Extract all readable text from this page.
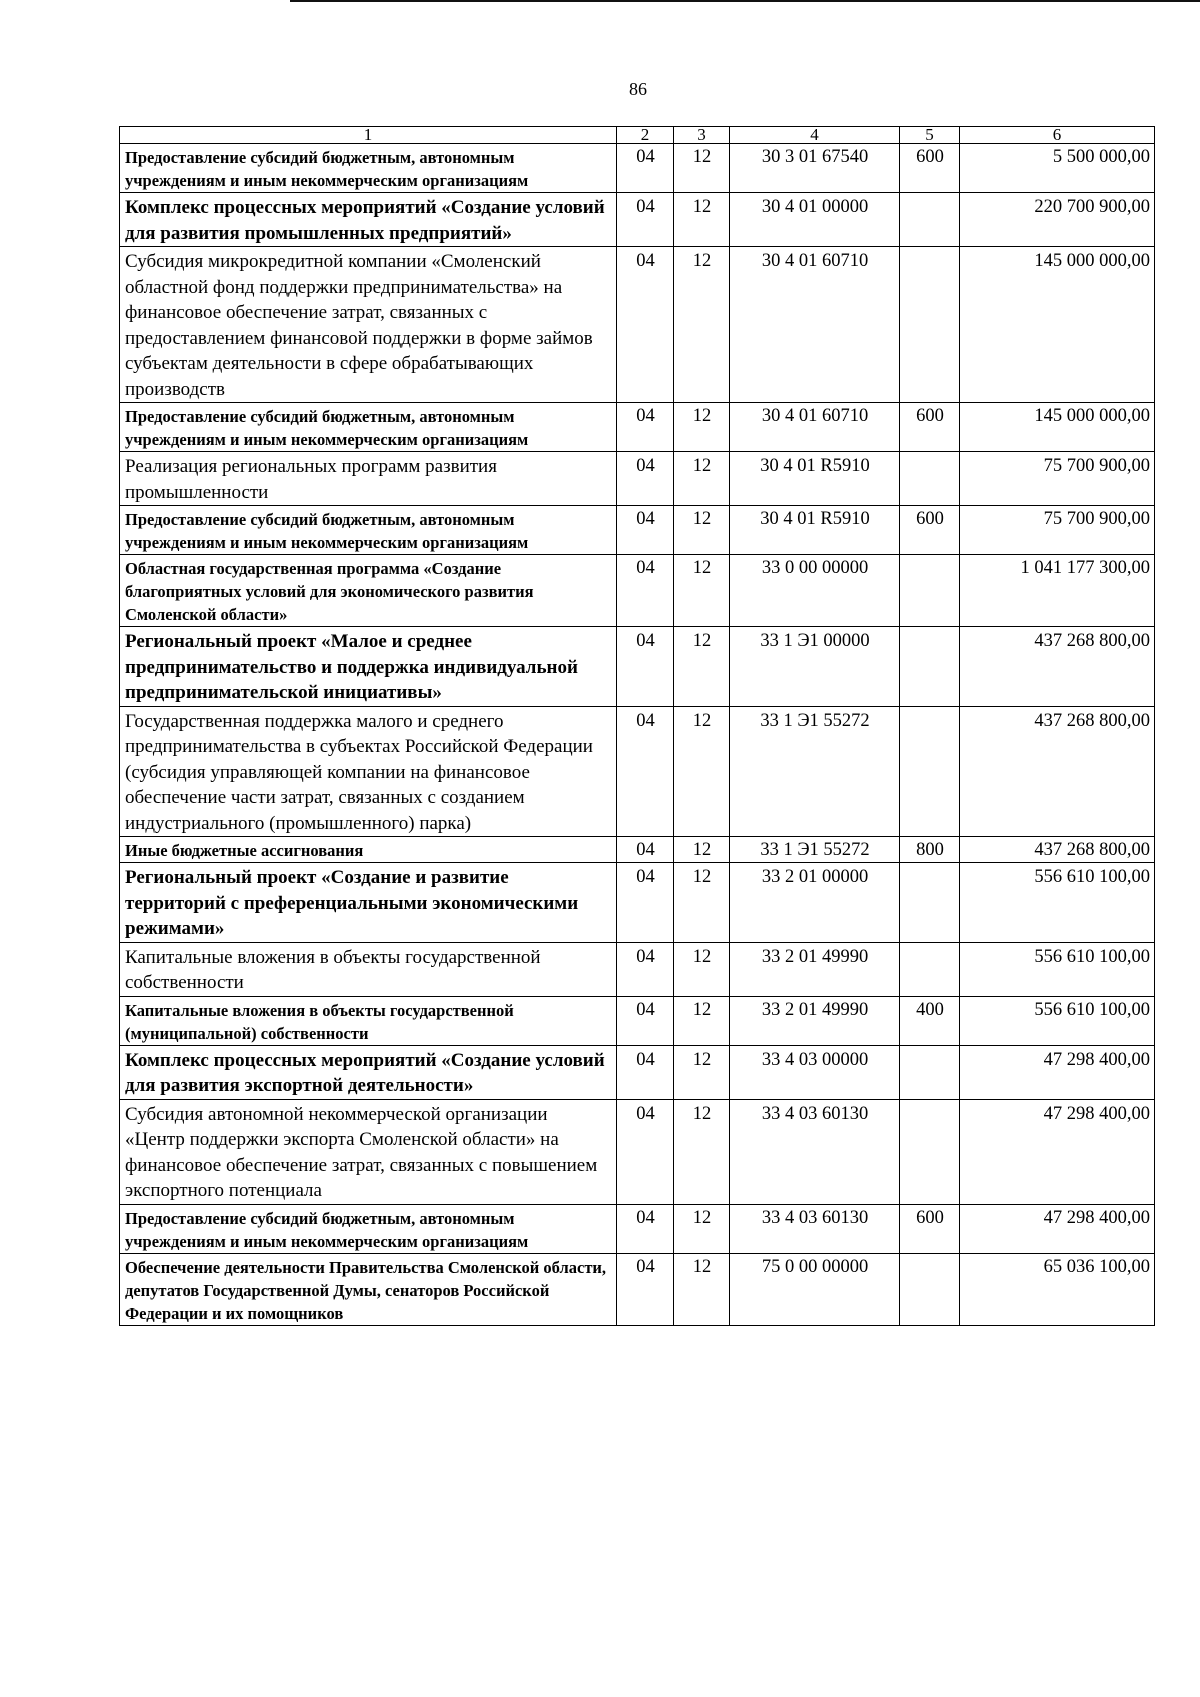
86
1	2	3	4	5	6
Предоставление субсидий бюджетным, автономным учреждениям и иным некоммерческим организациям	04	12	30 3 01 67540	600	5 500 000,00
Комплекс процессных мероприятий «Создание условий для развития промышленных предприятий»	04	12	30 4 01 00000		220 700 900,00
Субсидия микрокредитной компании «Смоленский областной фонд поддержки предпринимательства» на финансовое обеспечение затрат, связанных с предоставлением финансовой поддержки в форме займов субъектам деятельности в сфере обрабатывающих производств	04	12	30 4 01 60710		145 000 000,00
Предоставление субсидий бюджетным, автономным учреждениям и иным некоммерческим организациям	04	12	30 4 01 60710	600	145 000 000,00
Реализация региональных программ развития промышленности	04	12	30 4 01 R5910		75 700 900,00
Предоставление субсидий бюджетным, автономным учреждениям и иным некоммерческим организациям	04	12	30 4 01 R5910	600	75 700 900,00
Областная государственная программа «Создание благоприятных условий для экономического развития Смоленской области»	04	12	33 0 00 00000		1 041 177 300,00
Региональный проект «Малое и среднее предпринимательство и поддержка индивидуальной предпринимательской инициативы»	04	12	33 1 Э1 00000		437 268 800,00
Государственная поддержка малого и среднего предпринимательства в субъектах Российской Федерации (субсидия управляющей компании на финансовое обеспечение части затрат, связанных с созданием индустриального (промышленного) парка)	04	12	33 1 Э1 55272		437 268 800,00
Иные бюджетные ассигнования	04	12	33 1 Э1 55272	800	437 268 800,00
Региональный проект «Создание и развитие территорий с преференциальными экономическими режимами»	04	12	33 2 01 00000		556 610 100,00
Капитальные вложения в объекты государственной собственности	04	12	33 2 01 49990		556 610 100,00
Капитальные вложения в объекты государственной (муниципальной) собственности	04	12	33 2 01 49990	400	556 610 100,00
Комплекс процессных мероприятий «Создание условий для развития экспортной деятельности»	04	12	33 4 03 00000		47 298 400,00
Субсидия автономной некоммерческой организации «Центр поддержки экспорта Смоленской области» на финансовое обеспечение затрат, связанных с повышением экспортного потенциала	04	12	33 4 03 60130		47 298 400,00
Предоставление субсидий бюджетным, автономным учреждениям и иным некоммерческим организациям	04	12	33 4 03 60130	600	47 298 400,00
Обеспечение деятельности Правительства Смоленской области, депутатов Государственной Думы, сенаторов Российской Федерации и их помощников	04	12	75 0 00 00000		65 036 100,00
